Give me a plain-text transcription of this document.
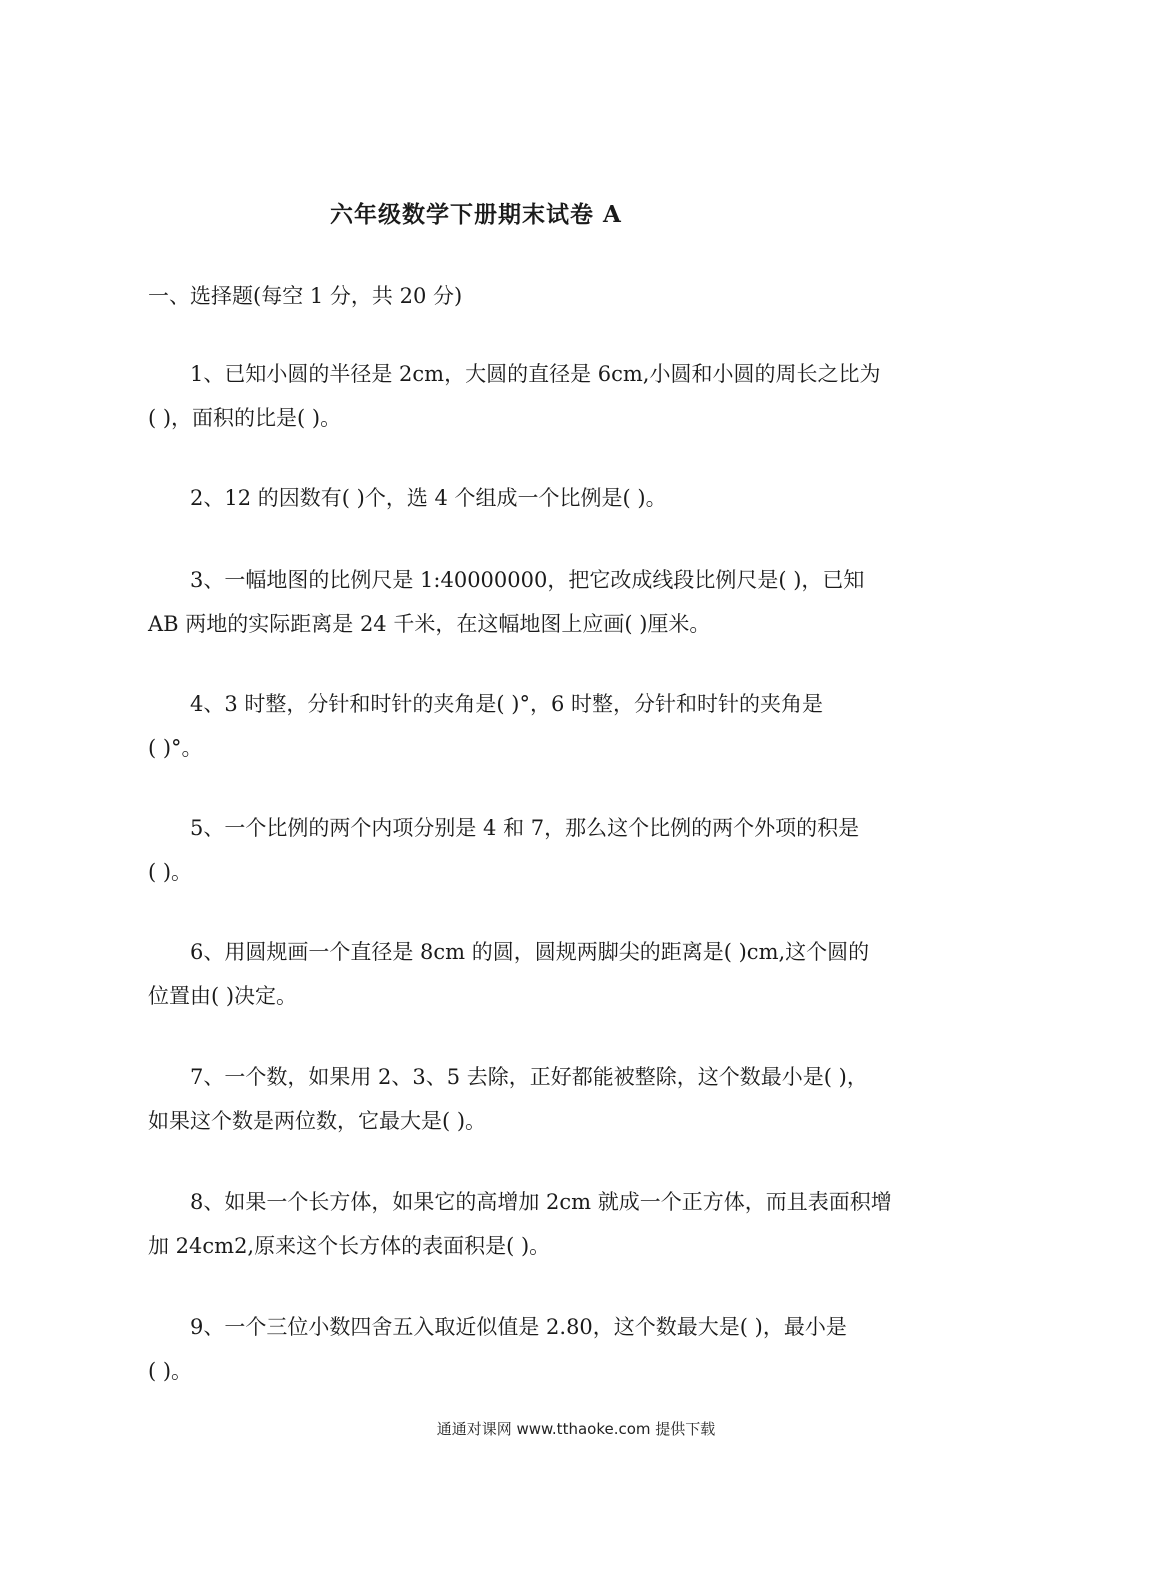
六年级数学下册期末试卷 A
一、选择题(每空 1 分，共 20 分)
1、已知小圆的半径是 2cm，大圆的直径是 6cm,小圆和小圆的周长之比为
( )，面积的比是( )。
2、12 的因数有( )个，选 4 个组成一个比例是( )。
3、一幅地图的比例尺是 1:40000000，把它改成线段比例尺是( )，已知
AB 两地的实际距离是 24 千米，在这幅地图上应画( )厘米。
4、3 时整，分针和时针的夹角是( )°，6 时整，分针和时针的夹角是
( )°。
5、一个比例的两个内项分别是 4 和 7，那么这个比例的两个外项的积是
( )。
6、用圆规画一个直径是 8cm 的圆，圆规两脚尖的距离是( )cm,这个圆的
位置由( )决定。
7、一个数，如果用 2、3、5 去除，正好都能被整除，这个数最小是( )，
如果这个数是两位数，它最大是( )。
8、如果一个长方体，如果它的高增加 2cm 就成一个正方体，而且表面积增
加 24cm2,原来这个长方体的表面积是( )。
9、一个三位小数四舍五入取近似值是 2.80，这个数最大是( )，最小是
( )。
通通对课网 www.tthaoke.com 提供下载
